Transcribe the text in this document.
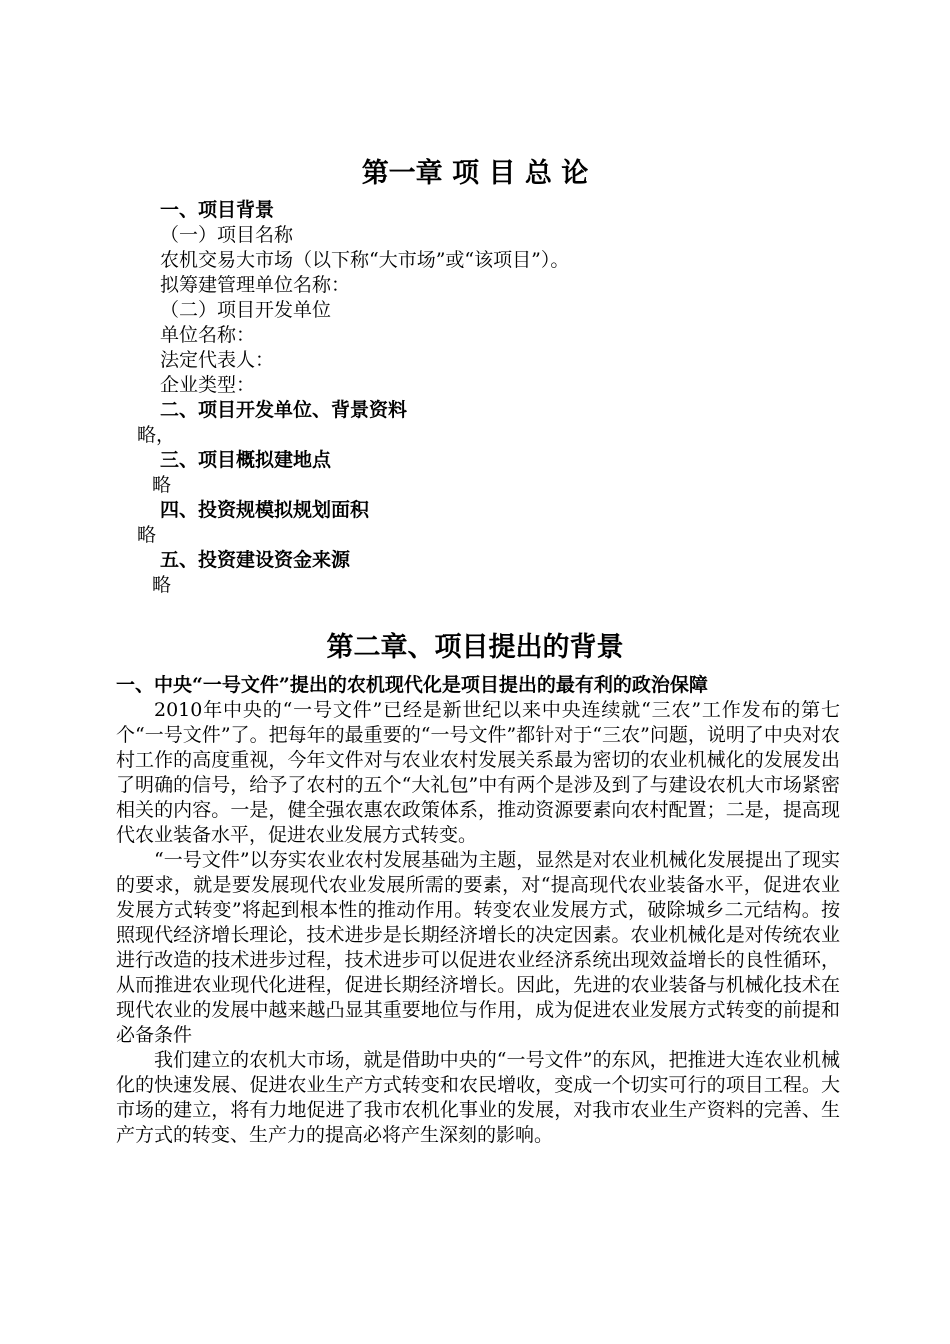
第一章 项 目 总 论

一、项目背景

（一）项目名称

农机交易大市场（以下称“大市场”或“该项目”）。

拟筹建管理单位名称：

（二）项目开发单位

单位名称：

法定代表人：

企业类型：

二、项目开发单位、背景资料

略，

三、项目概拟建地点

略

四、投资规模拟规划面积

略

五、投资建设资金来源

略

第二章、项目提出的背景

一、中央“一号文件”提出的农机现代化是项目提出的最有利的政治保障

2010年中央的“一号文件”已经是新世纪以来中央连续就“三农”工作发布的第七个“一号文件”了。把每年的最重要的“一号文件”都针对于“三农”问题，说明了中央对农村工作的高度重视，今年文件对与农业农村发展关系最为密切的农业机械化的发展发出了明确的信号，给予了农村的五个“大礼包”中有两个是涉及到了与建设农机大市场紧密相关的内容。一是，健全强农惠农政策体系，推动资源要素向农村配置；二是，提高现代农业装备水平，促进农业发展方式转变。

“一号文件”以夯实农业农村发展基础为主题，显然是对农业机械化发展提出了现实的要求，就是要发展现代农业发展所需的要素，对“提高现代农业装备水平，促进农业发展方式转变”将起到根本性的推动作用。转变农业发展方式，破除城乡二元结构。按照现代经济增长理论，技术进步是长期经济增长的决定因素。农业机械化是对传统农业进行改造的技术进步过程，技术进步可以促进农业经济系统出现效益增长的良性循环，从而推进农业现代化进程，促进长期经济增长。因此，先进的农业装备与机械化技术在现代农业的发展中越来越凸显其重要地位与作用，成为促进农业发展方式转变的前提和必备条件

我们建立的农机大市场，就是借助中央的“一号文件”的东风，把推进大连农业机械化的快速发展、促进农业生产方式转变和农民增收，变成一个切实可行的项目工程。大市场的建立，将有力地促进了我市农机化事业的发展，对我市农业生产资料的完善、生产方式的转变、生产力的提高必将产生深刻的影响。
